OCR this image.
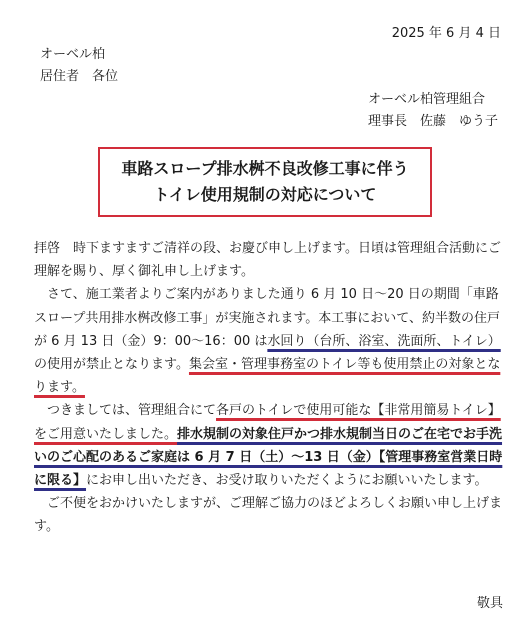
2025 年 6 月 4 日
オーベル柏
居住者　各位
オーベル柏管理組合
理事長　佐藤　ゆう子
車路スロープ排水桝不良改修工事に伴う
トイレ使用規制の対応について

拝啓　時下ますますご清祥の段、お慶び申し上げます。日頃は管理組合活動にご理解を賜り、厚く御礼申し上げます。

さて、施工業者よりご案内がありました通り 6 月 10 日～20 日の期間「車路スロープ共用排水桝改修工事」が実施されます。本工事において、約半数の住戸が 6 月 13 日（金）9：00～16：00 は水回り（台所、浴室、洗面所、トイレ）の使用が禁止となります。集会室・管理事務室のトイレ等も使用禁止の対象となります。

つきましては、管理組合にて各戸のトイレで使用可能な【非常用簡易トイレ】をご用意いたしました。排水規制の対象住戸かつ排水規制当日のご在宅でお手洗いのご心配のあるご家庭は 6 月 7 日（土）～13 日（金）【管理事務室営業日時に限る】にお申し出いただき、お受け取りいただくようにお願いいたします。

ご不便をおかけいたしますが、ご理解ご協力のほどよろしくお願い申し上げます。

敬具
